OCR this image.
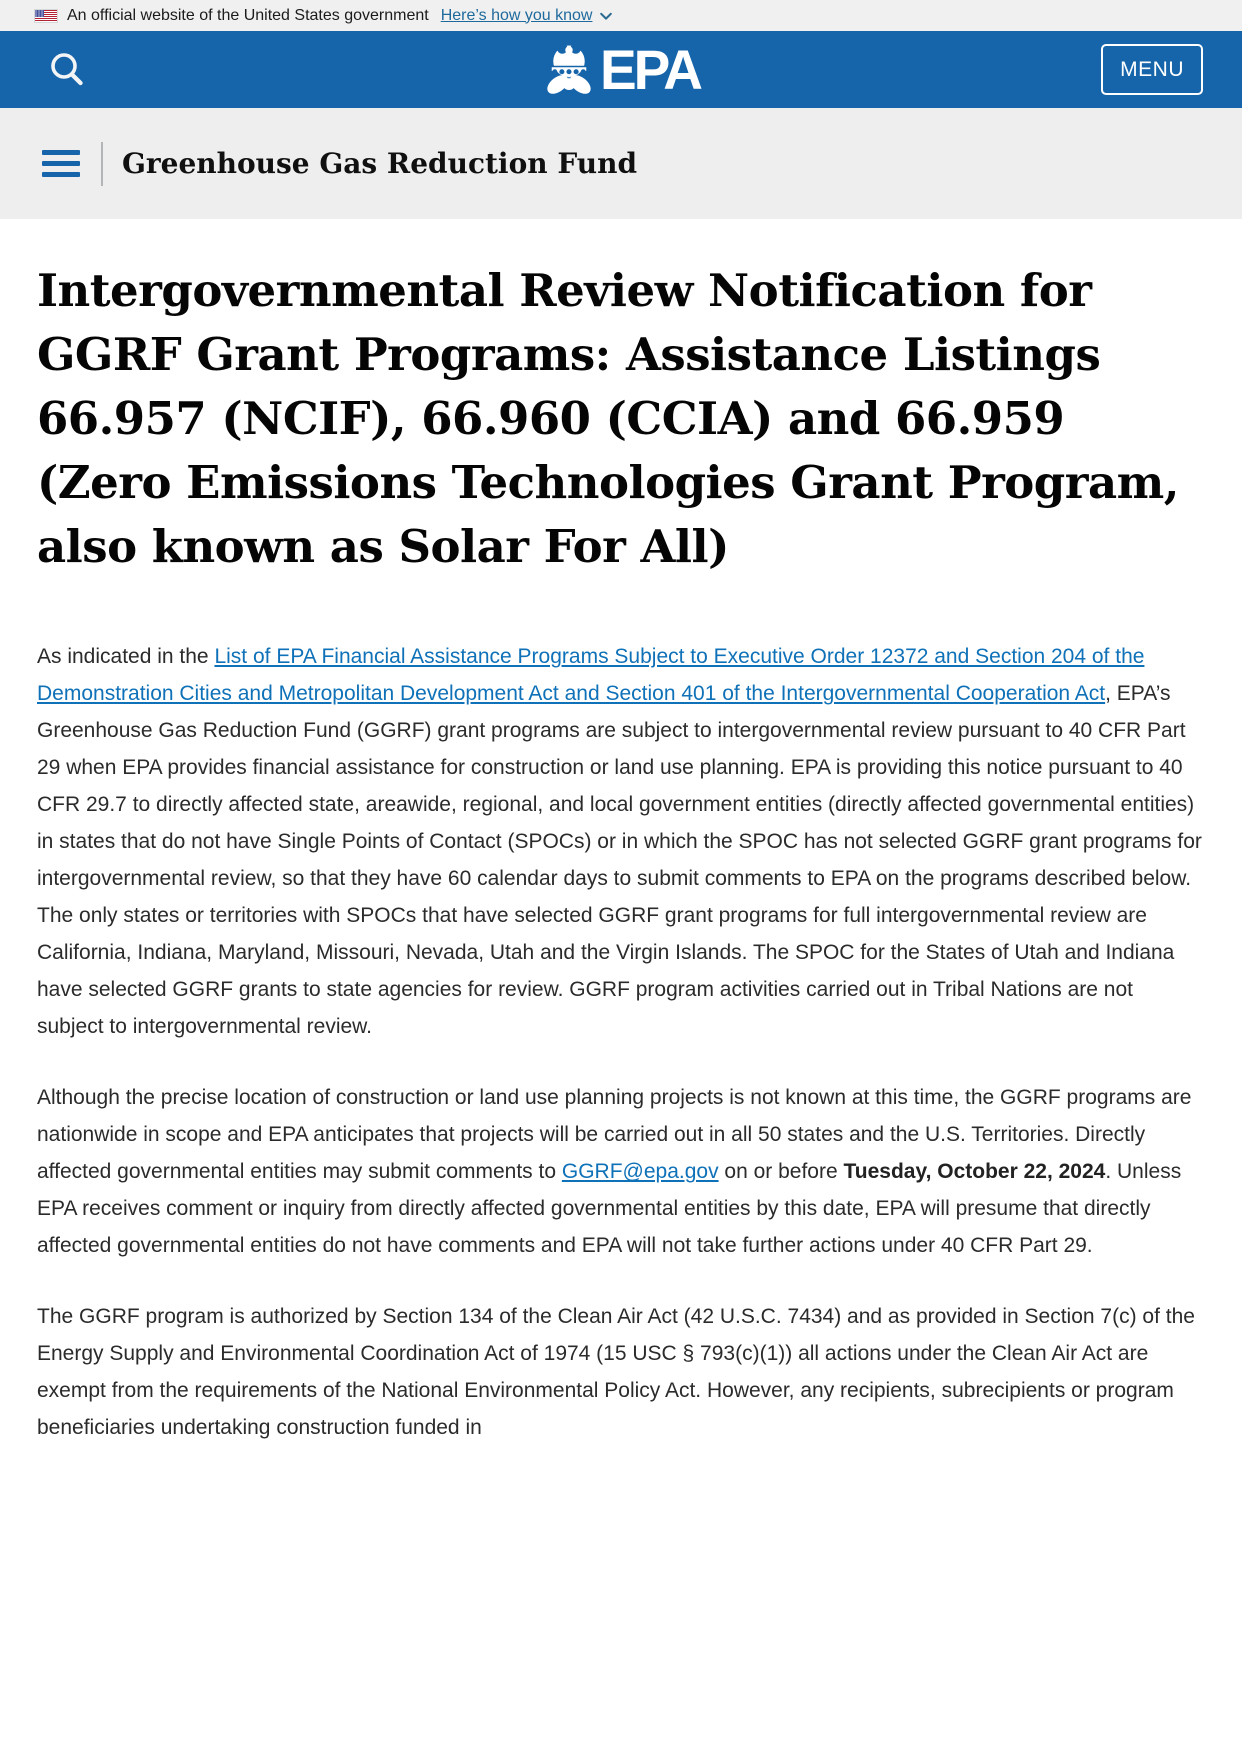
An official website of the United States government Here’s how you know
EPA	MENU
Greenhouse Gas Reduction Fund
Intergovernmental Review Notification for GGRF Grant Programs: Assistance Listings 66.957 (NCIF), 66.960 (CCIA) and 66.959 (Zero Emissions Technologies Grant Program, also known as Solar For All)

As indicated in the List of EPA Financial Assistance Programs Subject to Executive Order 12372 and Section 204 of the Demonstration Cities and Metropolitan Development Act and Section 401 of the Intergovernmental Cooperation Act, EPA’s Greenhouse Gas Reduction Fund (GGRF) grant programs are subject to intergovernmental review pursuant to 40 CFR Part 29 when EPA provides financial assistance for construction or land use planning. EPA is providing this notice pursuant to 40 CFR 29.7 to directly affected state, areawide, regional, and local government entities (directly affected governmental entities) in states that do not have Single Points of Contact (SPOCs) or in which the SPOC has not selected GGRF grant programs for intergovernmental review, so that they have 60 calendar days to submit comments to EPA on the programs described below. The only states or territories with SPOCs that have selected GGRF grant programs for full intergovernmental review are California, Indiana, Maryland, Missouri, Nevada, Utah and the Virgin Islands. The SPOC for the States of Utah and Indiana have selected GGRF grants to state agencies for review. GGRF program activities carried out in Tribal Nations are not subject to intergovernmental review.

Although the precise location of construction or land use planning projects is not known at this time, the GGRF programs are nationwide in scope and EPA anticipates that projects will be carried out in all 50 states and the U.S. Territories. Directly affected governmental entities may submit comments to GGRF@epa.gov on or before Tuesday, October 22, 2024. Unless EPA receives comment or inquiry from directly affected governmental entities by this date, EPA will presume that directly affected governmental entities do not have comments and EPA will not take further actions under 40 CFR Part 29.

The GGRF program is authorized by Section 134 of the Clean Air Act (42 U.S.C. 7434) and as provided in Section 7(c) of the Energy Supply and Environmental Coordination Act of 1974 (15 USC § 793(c)(1)) all actions under the Clean Air Act are exempt from the requirements of the National Environmental Policy Act. However, any recipients, subrecipients or program beneficiaries undertaking construction funded in
